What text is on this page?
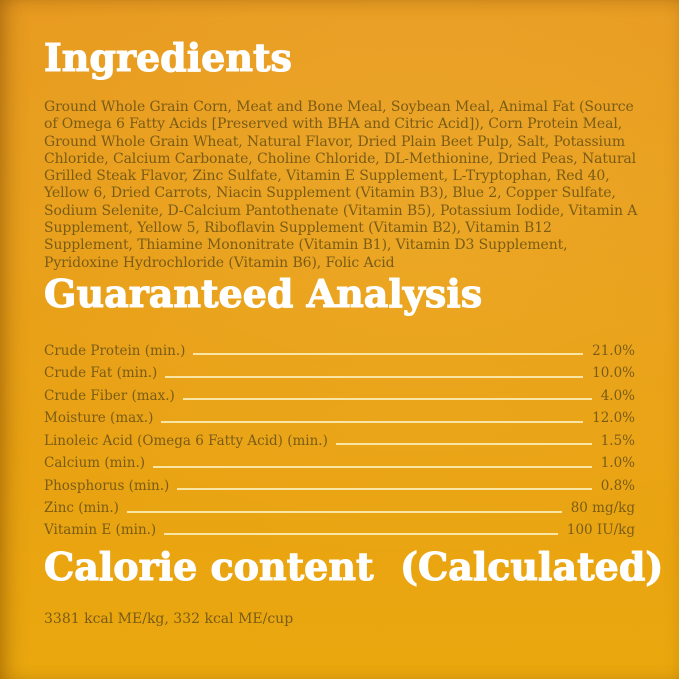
Ingredients

Ground Whole Grain Corn, Meat and Bone Meal, Soybean Meal, Animal Fat (Source of Omega 6 Fatty Acids [Preserved with BHA and Citric Acid]), Corn Protein Meal, Ground Whole Grain Wheat, Natural Flavor, Dried Plain Beet Pulp, Salt, Potassium Chloride, Calcium Carbonate, Choline Chloride, DL-Methionine, Dried Peas, Natural Grilled Steak Flavor, Zinc Sulfate, Vitamin E Supplement, L-Tryptophan, Red 40, Yellow 6, Dried Carrots, Niacin Supplement (Vitamin B3), Blue 2, Copper Sulfate, Sodium Selenite, D-Calcium Pantothenate (Vitamin B5), Potassium Iodide, Vitamin A Supplement, Yellow 5, Riboflavin Supplement (Vitamin B2), Vitamin B12 Supplement, Thiamine Mononitrate (Vitamin B1), Vitamin D3 Supplement, Pyridoxine Hydrochloride (Vitamin B6), Folic Acid

Guaranteed Analysis
Crude Protein (min.)	21.0%
Crude Fat (min.)	10.0%
Crude Fiber (max.)	4.0%
Moisture (max.)	12.0%
Linoleic Acid (Omega 6 Fatty Acid) (min.)	1.5%
Calcium (min.)	1.0%
Phosphorus (min.)	0.8%
Zinc (min.)	80 mg/kg
Vitamin E (min.)	100 IU/kg
Calorie content  (Calculated)

3381 kcal ME/kg, 332 kcal ME/cup
